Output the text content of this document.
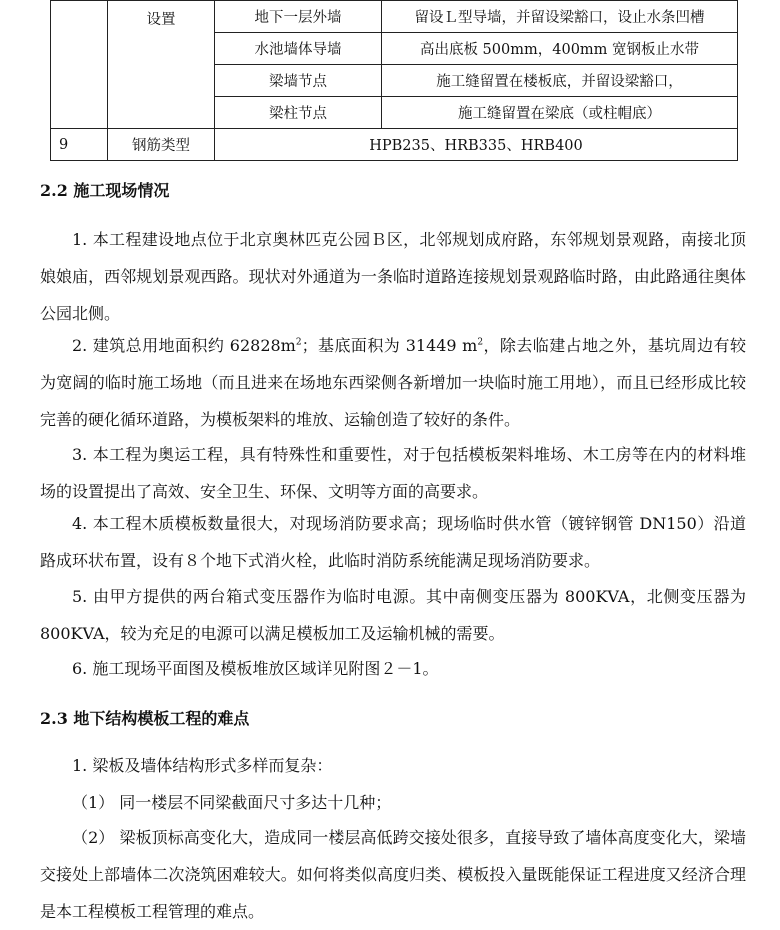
	设置	地下一层外墙	留设Ｌ型导墙，并留设梁豁口，设止水条凹槽
		水池墙体导墙	高出底板 500mm，400mm 宽钢板止水带
		梁墙节点	施工缝留置在楼板底，并留设梁豁口，
		梁柱节点	施工缝留置在梁底（或柱帽底）
9	钢筋类型	HPB235、HRB335、HRB400	
2.2 施工现场情况
1. 本工程建设地点位于北京奥林匹克公园Ｂ区，北邻规划成府路，东邻规划景观路，南接北顶娘娘庙，西邻规划景观西路。现状对外通道为一条临时道路连接规划景观路临时路，由此路通往奥体公园北侧。
2. 建筑总用地面积约 $62828m^2$；基底面积为 31449 $m^2$，除去临建占地之外，基坑周边有较为宽阔的临时施工场地（而且进来在场地东西梁侧各新增加一块临时施工用地），而且已经形成比较完善的硬化循环道路，为模板架料的堆放、运输创造了较好的条件。
3. 本工程为奥运工程，具有特殊性和重要性，对于包括模板架料堆场、木工房等在内的材料堆场的设置提出了高效、安全卫生、环保、文明等方面的高要求。
4. 本工程木质模板数量很大，对现场消防要求高；现场临时供水管（镀锌钢管 DN150）沿道路成环状布置，设有８个地下式消火栓，此临时消防系统能满足现场消防要求。
5. 由甲方提供的两台箱式变压器作为临时电源。其中南侧变压器为 800KVA，北侧变压器为 800KVA，较为充足的电源可以满足模板加工及运输机械的需要。
6. 施工现场平面图及模板堆放区域详见附图２－1。
2.3 地下结构模板工程的难点
1. 梁板及墙体结构形式多样而复杂：
（1） 同一楼层不同梁截面尺寸多达十几种；
（2） 梁板顶标高变化大，造成同一楼层高低跨交接处很多，直接导致了墙体高度变化大，梁墙交接处上部墙体二次浇筑困难较大。如何将类似高度归类、模板投入量既能保证工程进度又经济合理是本工程模板工程管理的难点。
